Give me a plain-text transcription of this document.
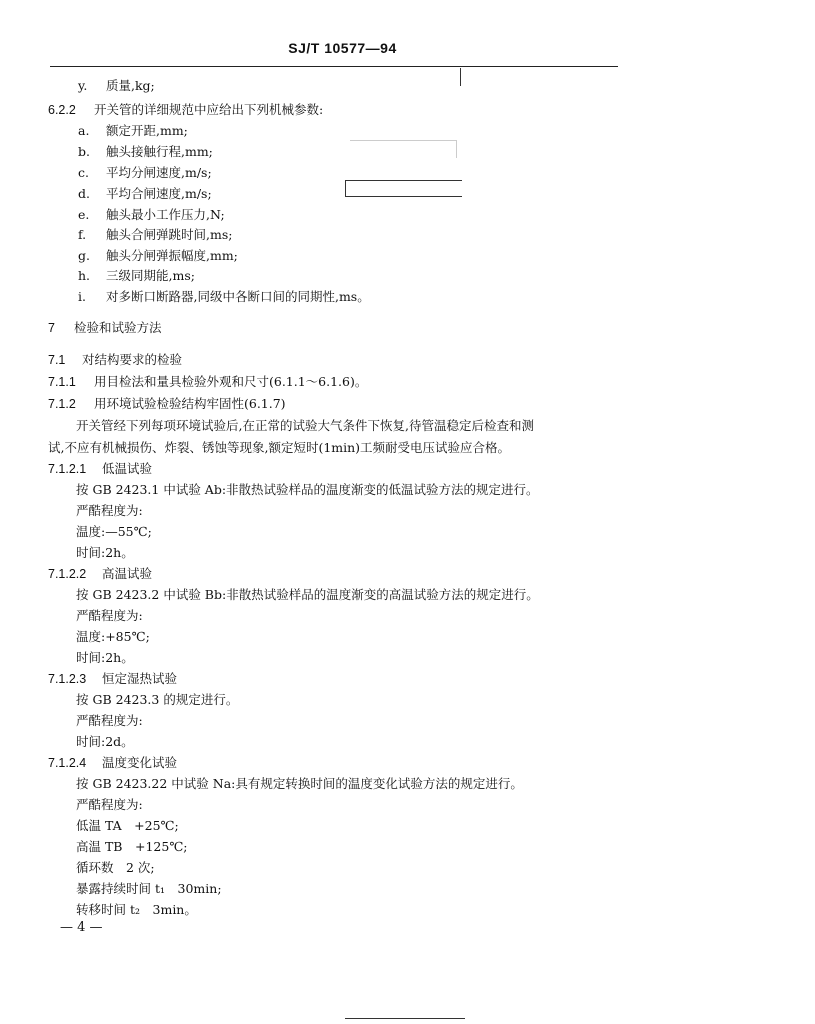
SJ/T 10577—94
y. 质量,kg;
6.2.2 开关管的详细规范中应给出下列机械参数:
a. 额定开距,mm;
b. 触头接触行程,mm;
c. 平均分闸速度,m/s;
d. 平均合闸速度,m/s;
e. 触头最小工作压力,N;
f. 触头合闸弹跳时间,ms;
g. 触头分闸弹振幅度,mm;
h. 三级同期能,ms;
i. 对多断口断路器,同级中各断口间的同期性,ms。
7 检验和试验方法
7.1 对结构要求的检验
7.1.1 用目检法和量具检验外观和尺寸(6.1.1～6.1.6)。
7.1.2 用环境试验检验结构牢固性(6.1.7)
开关管经下列每项环境试验后,在正常的试验大气条件下恢复,待管温稳定后检查和测
试,不应有机械损伤、炸裂、锈蚀等现象,额定短时(1min)工频耐受电压试验应合格。
7.1.2.1 低温试验
按 GB 2423.1 中试验 Ab:非散热试验样品的温度渐变的低温试验方法的规定进行。
严酷程度为:
温度:—55℃;
时间:2h。
7.1.2.2 高温试验
按 GB 2423.2 中试验 Bb:非散热试验样品的温度渐变的高温试验方法的规定进行。
严酷程度为:
温度:+85℃;
时间:2h。
7.1.2.3 恒定湿热试验
按 GB 2423.3 的规定进行。
严酷程度为:
时间:2d。
7.1.2.4 温度变化试验
按 GB 2423.22 中试验 Na:具有规定转换时间的温度变化试验方法的规定进行。
严酷程度为:
低温 TA　+25℃;
高温 TB　+125℃;
循环数　2 次;
暴露持续时间 t₁　30min;
转移时间 t₂　3min。
— 4 —
